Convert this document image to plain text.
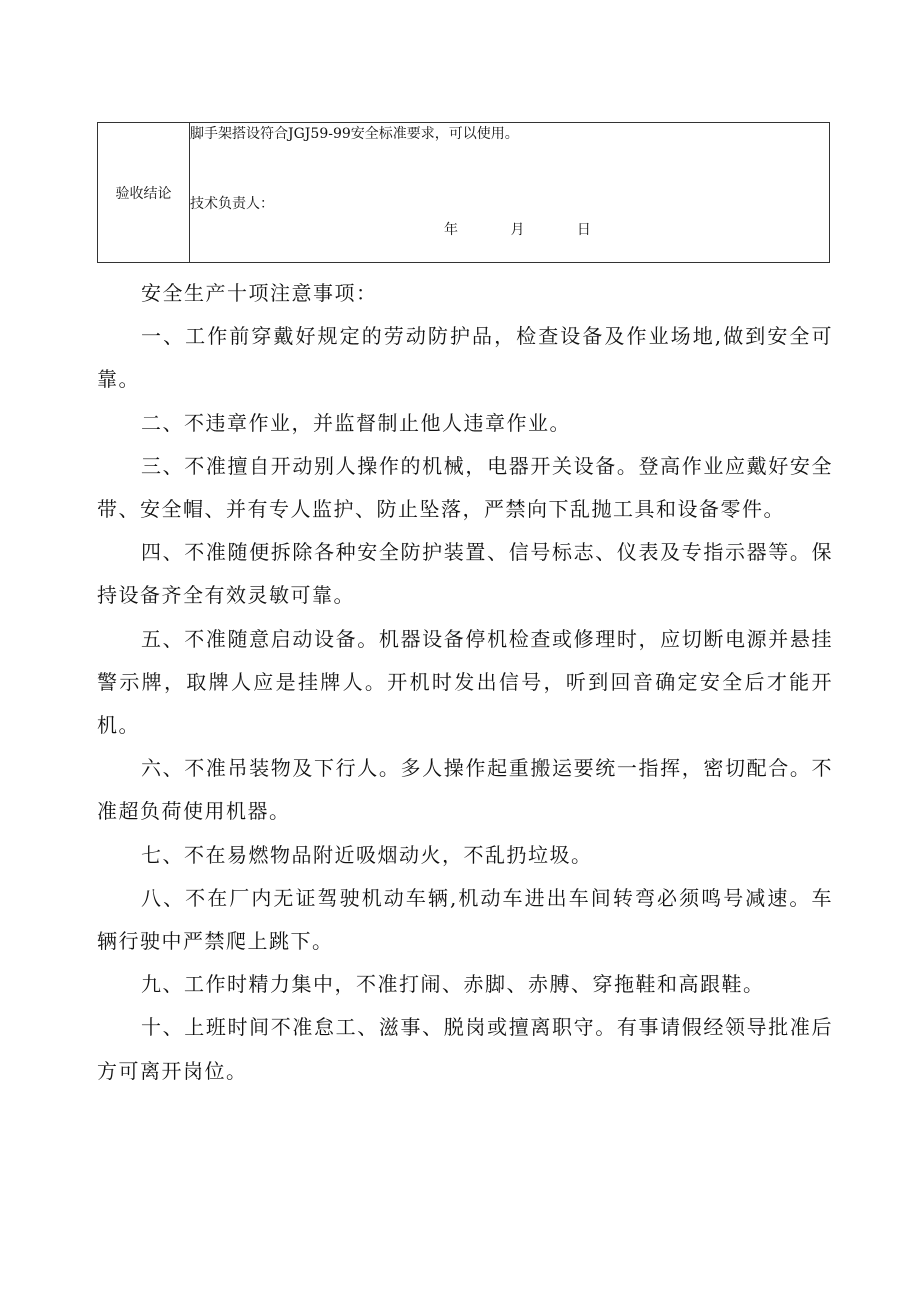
验收结论
脚手架搭设符合JGJ59-99安全标准要求，可以使用。
技术负责人：
年	月	日

安全生产十项注意事项：

一、工作前穿戴好规定的劳动防护品，检查设备及作业场地,做到安全可靠。

二、不违章作业，并监督制止他人违章作业。

三、不准擅自开动别人操作的机械，电器开关设备。登高作业应戴好安全带、安全帽、并有专人监护、防止坠落，严禁向下乱抛工具和设备零件。

四、不准随便拆除各种安全防护装置、信号标志、仪表及专指示器等。保持设备齐全有效灵敏可靠。

五、不准随意启动设备。机器设备停机检查或修理时，应切断电源并悬挂警示牌，取牌人应是挂牌人。开机时发出信号，听到回音确定安全后才能开机。

六、不准吊装物及下行人。多人操作起重搬运要统一指挥，密切配合。不准超负荷使用机器。

七、不在易燃物品附近吸烟动火，不乱扔垃圾。

八、不在厂内无证驾驶机动车辆,机动车进出车间转弯必须鸣号减速。车辆行驶中严禁爬上跳下。

九、工作时精力集中，不准打闹、赤脚、赤膊、穿拖鞋和高跟鞋。

十、上班时间不准怠工、滋事、脱岗或擅离职守。有事请假经领导批准后方可离开岗位。
